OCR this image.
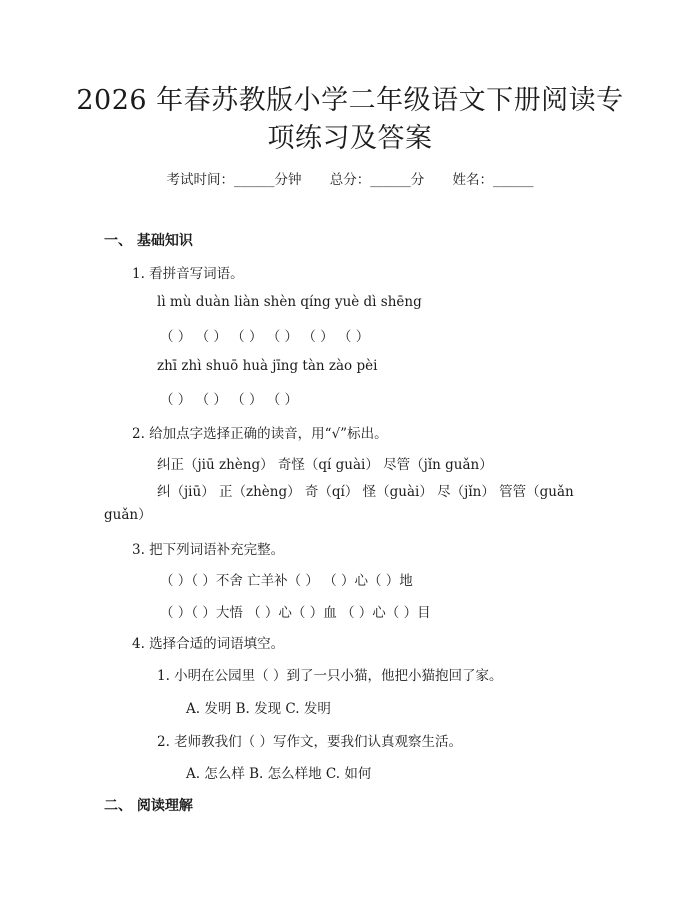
2026 年春苏教版小学二年级语文下册阅读专
项练习及答案
考试时间：______分钟 总分：______分 姓名：______
一、 基础知识
1. 看拼音写词语。
lì mù duàn liàn shèn qíng yuè dì shēng
（ ） （ ） （ ） （ ） （ ） （ ）
zhī zhì shuō huà jīng tàn zào pèi
（ ） （ ） （ ） （ ）
2. 给加点字选择正确的读音，用“√”标出。
纠正（jiū zhèng） 奇怪（qí guài） 尽管（jǐn guǎn）
纠（jiū） 正（zhèng） 奇（qí） 怪（guài） 尽（jǐn） 管管（guǎn guǎn）
3. 把下列词语补充完整。
（ ）（ ）不舍 亡羊补（ ） （ ）心（ ）地
（ ）（ ）大悟 （ ）心（ ）血 （ ）心（ ）目
4. 选择合适的词语填空。
1. 小明在公园里（ ）到了一只小猫，他把小猫抱回了家。
A. 发明 B. 发现 C. 发明
2. 老师教我们（ ）写作文，要我们认真观察生活。
A. 怎么样 B. 怎么样地 C. 如何
二、 阅读理解
